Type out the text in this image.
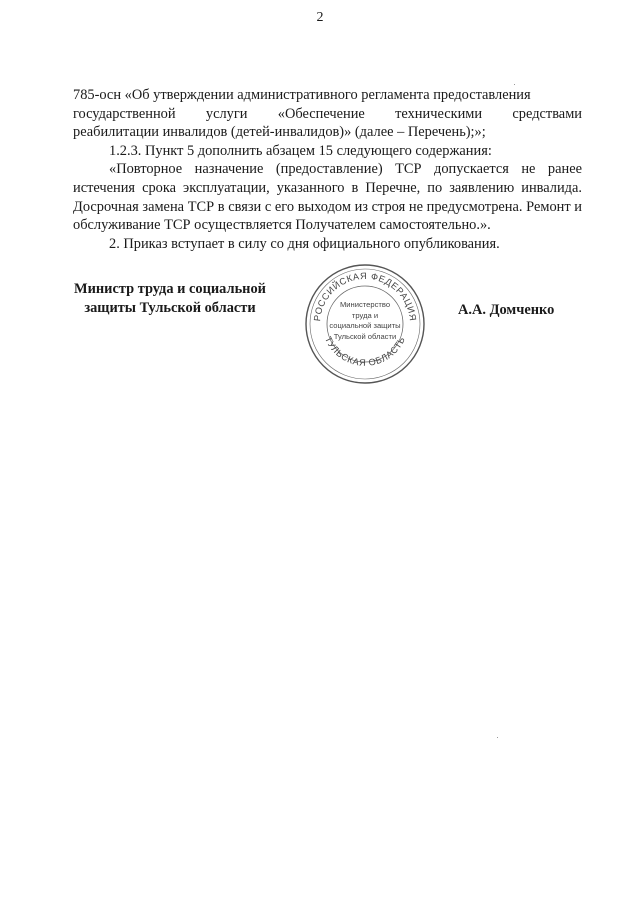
2

785-осн «Об утверждении административного регламента предоставления
государственной услуги «Обеспечение техническими средствами
реабилитации инвалидов (детей-инвалидов)» (далее – Перечень);»;

1.2.3. Пункт 5 дополнить абзацем 15 следующего содержания:

«Повторное назначение (предоставление) ТСР допускается не ранее истечения срока эксплуатации, указанного в Перечне, по заявлению инвалида. Досрочная замена ТСР в связи с его выходом из строя не предусмотрена. Ремонт и обслуживание ТСР осуществляется Получателем самостоятельно.».

2. Приказ вступает в силу со дня официального опубликования.

Министр труда и социальной
защиты Тульской области
РОССИЙСКАЯ ФЕДЕРАЦИЯ
ТУЛЬСКАЯ ОБЛАСТЬ
Министерство
труда и
социальной защиты
Тульской области
А.А. Домченко
